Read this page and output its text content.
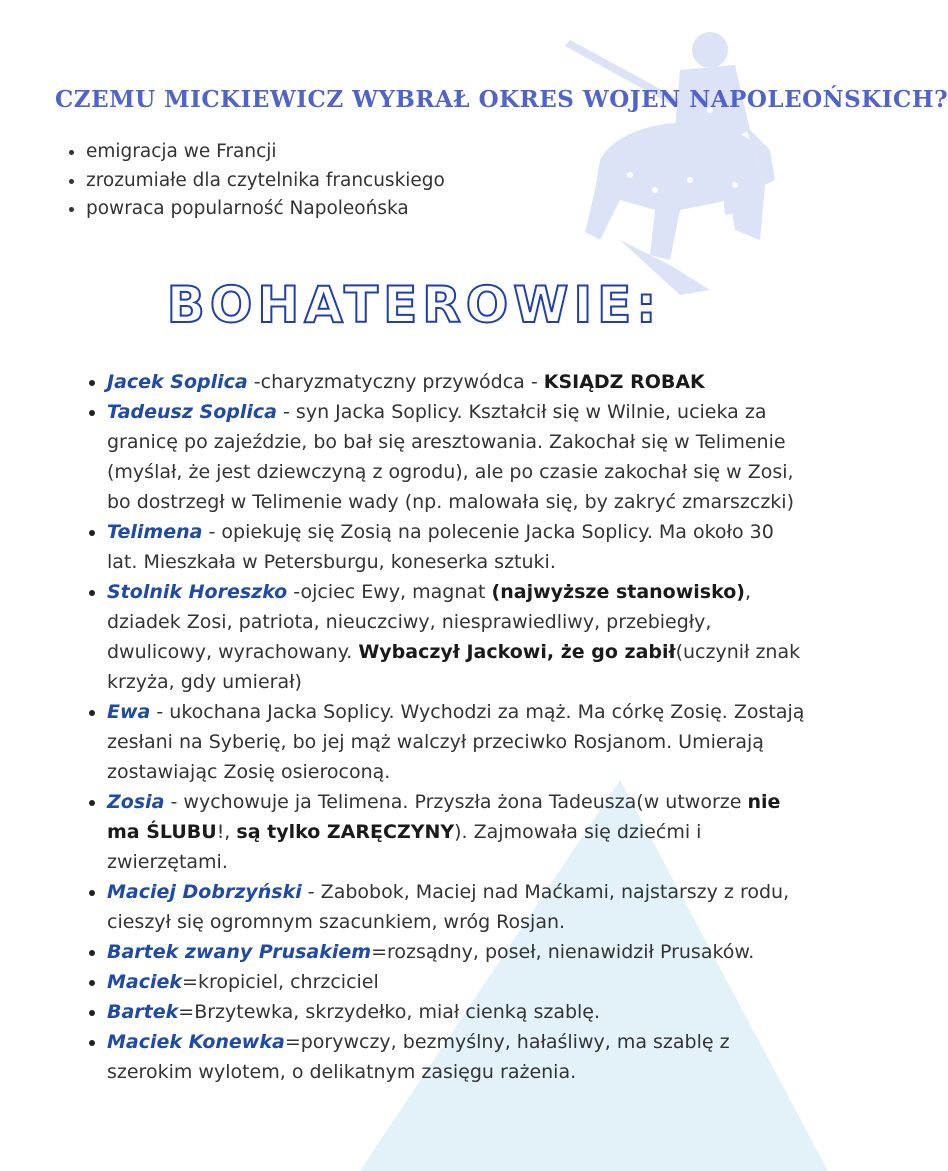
CZEMU MICKIEWICZ WYBRAŁ OKRES WOJEN NAPOLEOŃSKICH?
• emigracja we Francji
• zrozumiałe dla czytelnika francuskiego
• powraca popularność Napoleońska
BOHATEROWIE:
• Jacek Soplica -charyzmatyczny przywódca - KSIĄDZ ROBAK
• Tadeusz Soplica - syn Jacka Soplicy. Kształcił się w Wilnie, ucieka za granicę po zajeździe, bo bał się aresztowania. Zakochał się w Telimenie (myślał, że jest dziewczyną z ogrodu), ale po czasie zakochał się w Zosi, bo dostrzegł w Telimenie wady (np. malowała się, by zakryć zmarszczki)
• Telimena - opiekuję się Zosią na polecenie Jacka Soplicy. Ma około 30 lat. Mieszkała w Petersburgu, koneserka sztuki.
• Stolnik Horeszko -ojciec Ewy, magnat (najwyższe stanowisko), dziadek Zosi, patriota, nieuczciwy, niesprawiedliwy, przebiegły, dwulicowy, wyrachowany. Wybaczył Jackowi, że go zabił(uczynił znak krzyża, gdy umierał)
• Ewa - ukochana Jacka Soplicy. Wychodzi za mąż. Ma córkę Zosię. Zostają zesłani na Syberię, bo jej mąż walczył przeciwko Rosjanom. Umierają zostawiając Zosię osieroconą.
• Zosia - wychowuje ja Telimena. Przyszła żona Tadeusza(w utworze nie ma ŚLUBU!, są tylko ZARĘCZYNY). Zajmowała się dziećmi i zwierzętami.
• Maciej Dobrzyński - Zabobok, Maciej nad Maćkami, najstarszy z rodu, cieszył się ogromnym szacunkiem, wróg Rosjan.
• Bartek zwany Prusakiem=rozsądny, poseł, nienawidził Prusaków.
• Maciek=kropiciel, chrzciciel
• Bartek=Brzytewka, skrzydełko, miał cienką szablę.
• Maciek Konewka=porywczy, bezmyślny, hałaśliwy, ma szablę z szerokim wylotem, o delikatnym zasięgu rażenia.
